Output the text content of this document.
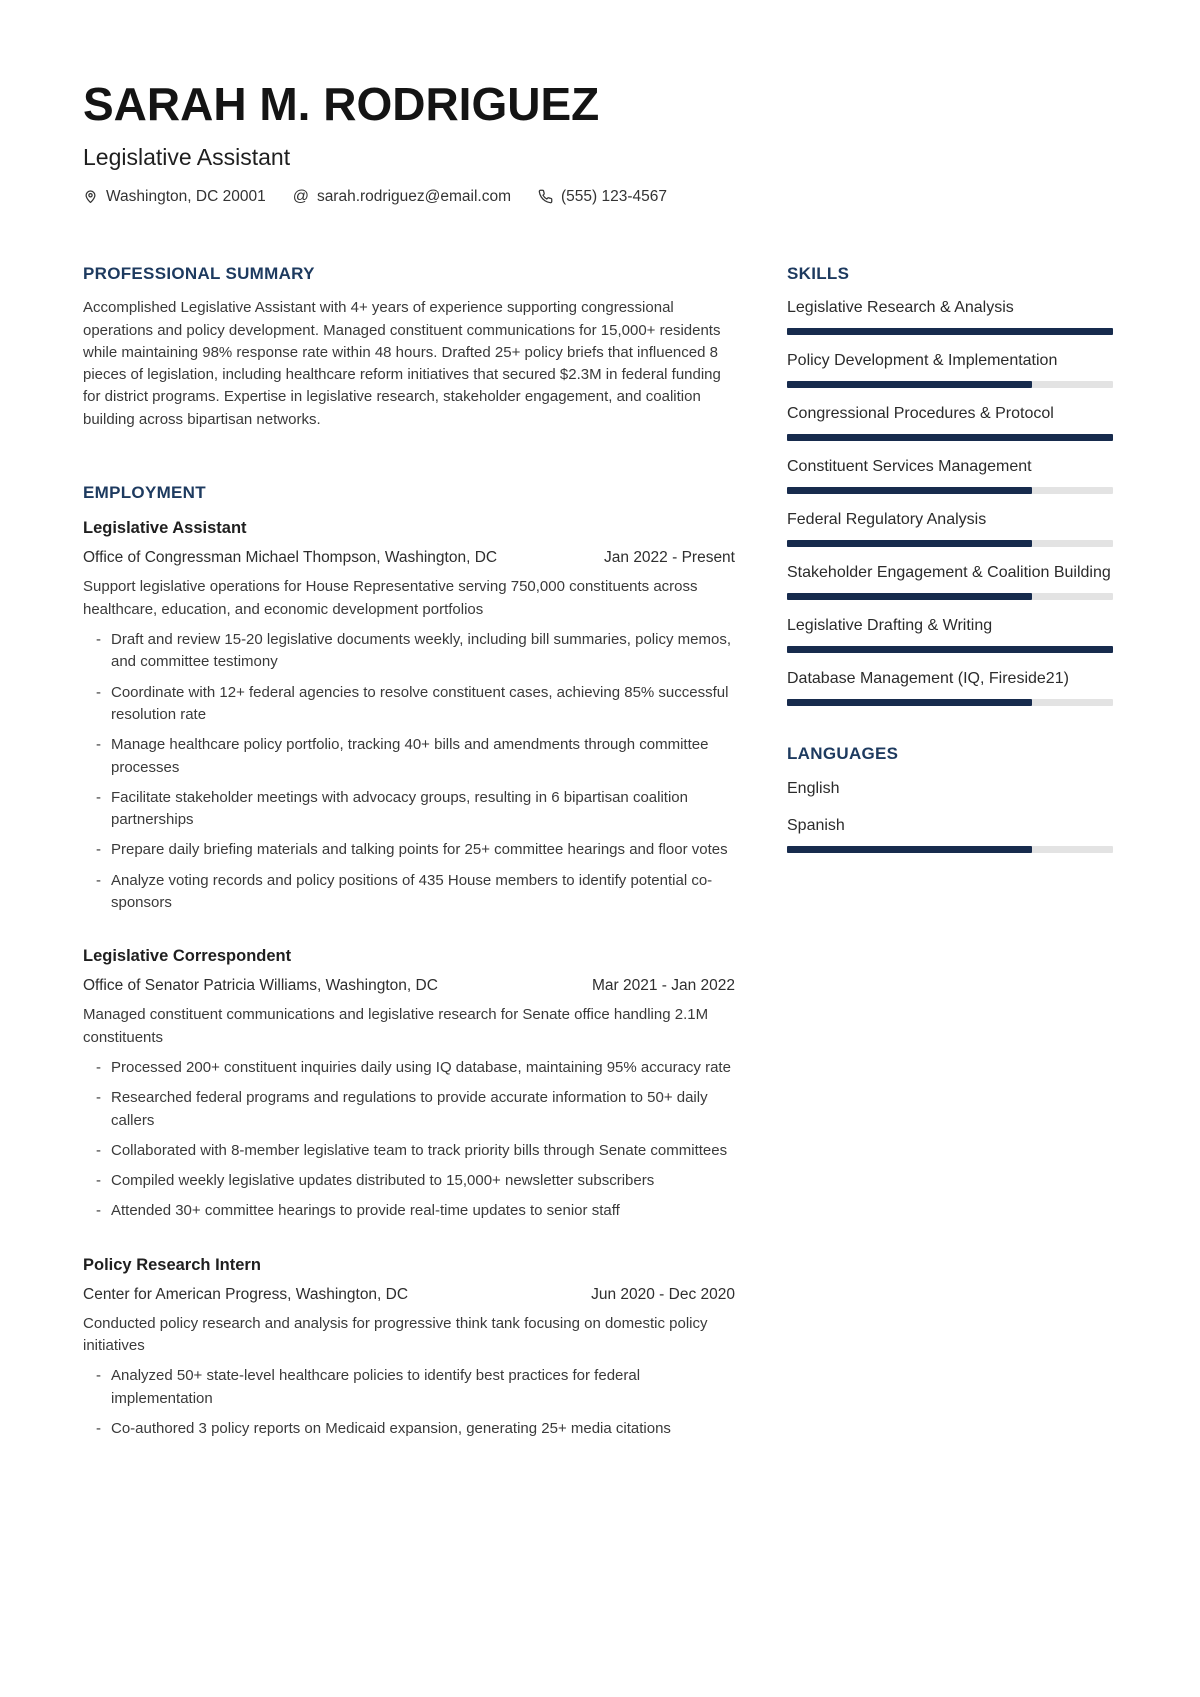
SARAH M. RODRIGUEZ
Legislative Assistant
Washington, DC 20001 @ sarah.rodriguez@email.com	(555) 123-4567
PROFESSIONAL SUMMARY

Accomplished Legislative Assistant with 4+ years of experience supporting congressional operations and policy development. Managed constituent communications for 15,000+ residents while maintaining 98% response rate within 48 hours. Drafted 25+ policy briefs that influenced 8 pieces of legislation, including healthcare reform initiatives that secured $2.3M in federal funding for district programs. Expertise in legislative research, stakeholder engagement, and coalition building across bipartisan networks.

EMPLOYMENT
Legislative Assistant
Office of Congressman Michael Thompson, Washington, DC	Jan 2022 - Present
Support legislative operations for House Representative serving 750,000 constituents across healthcare, education, and economic development portfolios
- Draft and review 15-20 legislative documents weekly, including bill summaries, policy memos, and committee testimony
- Coordinate with 12+ federal agencies to resolve constituent cases, achieving 85% successful resolution rate
- Manage healthcare policy portfolio, tracking 40+ bills and amendments through committee processes
- Facilitate stakeholder meetings with advocacy groups, resulting in 6 bipartisan coalition partnerships
- Prepare daily briefing materials and talking points for 25+ committee hearings and floor votes
- Analyze voting records and policy positions of 435 House members to identify potential co-sponsors
Legislative Correspondent
Office of Senator Patricia Williams, Washington, DC	Mar 2021 - Jan 2022
Managed constituent communications and legislative research for Senate office handling 2.1M constituents
- Processed 200+ constituent inquiries daily using IQ database, maintaining 95% accuracy rate
- Researched federal programs and regulations to provide accurate information to 50+ daily callers
- Collaborated with 8-member legislative team to track priority bills through Senate committees
- Compiled weekly legislative updates distributed to 15,000+ newsletter subscribers
- Attended 30+ committee hearings to provide real-time updates to senior staff
Policy Research Intern
Center for American Progress, Washington, DC	Jun 2020 - Dec 2020
Conducted policy research and analysis for progressive think tank focusing on domestic policy initiatives
- Analyzed 50+ state-level healthcare policies to identify best practices for federal implementation
- Co-authored 3 policy reports on Medicaid expansion, generating 25+ media citations
SKILLS
Legislative Research & Analysis
Policy Development & Implementation
Congressional Procedures & Protocol
Constituent Services Management
Federal Regulatory Analysis
Stakeholder Engagement & Coalition Building
Legislative Drafting & Writing
Database Management (IQ, Fireside21)
LANGUAGES
English
Spanish
